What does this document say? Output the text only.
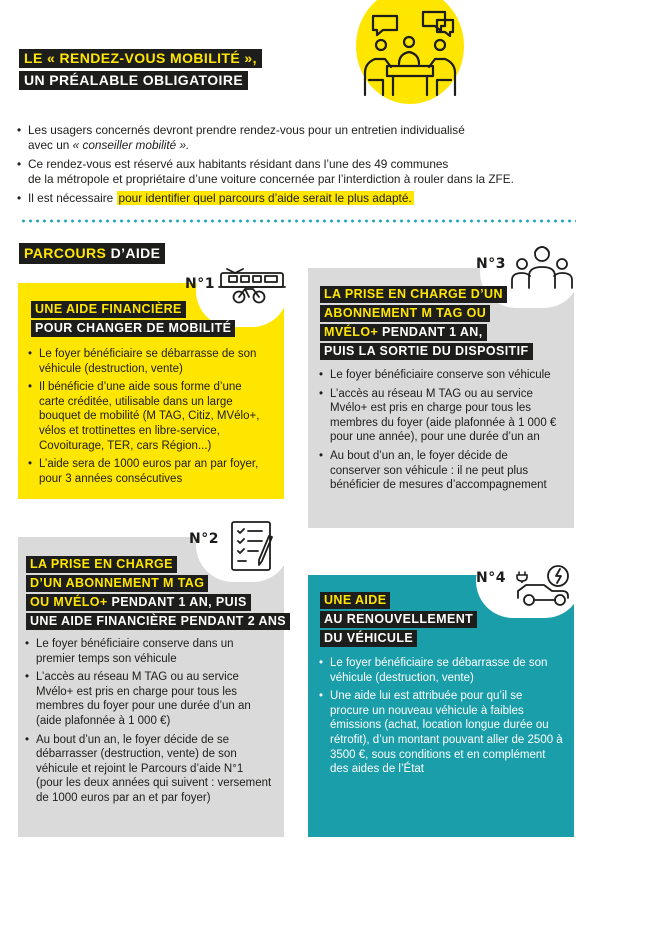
LE « RENDEZ-VOUS MOBILITÉ »,
UN PRÉALABLE OBLIGATOIRE
• Les usagers concernés devront prendre rendez-vous pour un entretien individualisé
avec un « conseiller mobilité ».
• Ce rendez-vous est réservé aux habitants résidant dans l’une des 49 communes
de la métropole et propriétaire d’une voiture concernée par l’interdiction à rouler dans la ZFE.
• Il est nécessaire pour identifier quel parcours d’aide serait le plus adapté.
PARCOURS D’AIDE
N°1
UNE AIDE FINANCIÈRE
POUR CHANGER DE MOBILITÉ
• Le foyer bénéficiaire se débarrasse de son véhicule (destruction, vente)
• Il bénéficie d’une aide sous forme d’une carte créditée, utilisable dans un large bouquet de mobilité (M TAG, Citiz, MVélo+, vélos et trottinettes en libre-service, Covoiturage, TER, cars Région...)
• L’aide sera de 1000 euros par an par foyer, pour 3 années consécutives
N°3
LA PRISE EN CHARGE D’UN
ABONNEMENT M TAG OU
MVÉLO+ PENDANT 1 AN,
PUIS LA SORTIE DU DISPOSITIF
• Le foyer bénéficiaire conserve son véhicule
• L’accès au réseau M TAG ou au service Mvélo+ est pris en charge pour tous les membres du foyer (aide plafonnée à 1 000 € pour une année), pour une durée d’un an
• Au bout d’un an, le foyer décide de conserver son véhicule : il ne peut plus bénéficier de mesures d’accompagnement
N°2
LA PRISE EN CHARGE
D’UN ABONNEMENT M TAG
OU MVÉLO+ PENDANT 1 AN, PUIS
UNE AIDE FINANCIÈRE PENDANT 2 ANS
• Le foyer bénéficiaire conserve dans un premier temps son véhicule
• L’accès au réseau M TAG ou au service Mvélo+ est pris en charge pour tous les membres du foyer pour une durée d’un an (aide plafonnée à 1 000 €)
• Au bout d’un an, le foyer décide de se débarrasser (destruction, vente) de son véhicule et rejoint le Parcours d’aide N°1 (pour les deux années qui suivent : versement de 1000 euros par an et par foyer)
N°4
UNE AIDE
AU RENOUVELLEMENT
DU VÉHICULE
• Le foyer bénéficiaire se débarrasse de son véhicule (destruction, vente)
• Une aide lui est attribuée pour qu’il se procure un nouveau véhicule à faibles émissions (achat, location longue durée ou rétrofit), d’un montant pouvant aller de 2500 à 3500 €, sous conditions et en complément des aides de l’État
